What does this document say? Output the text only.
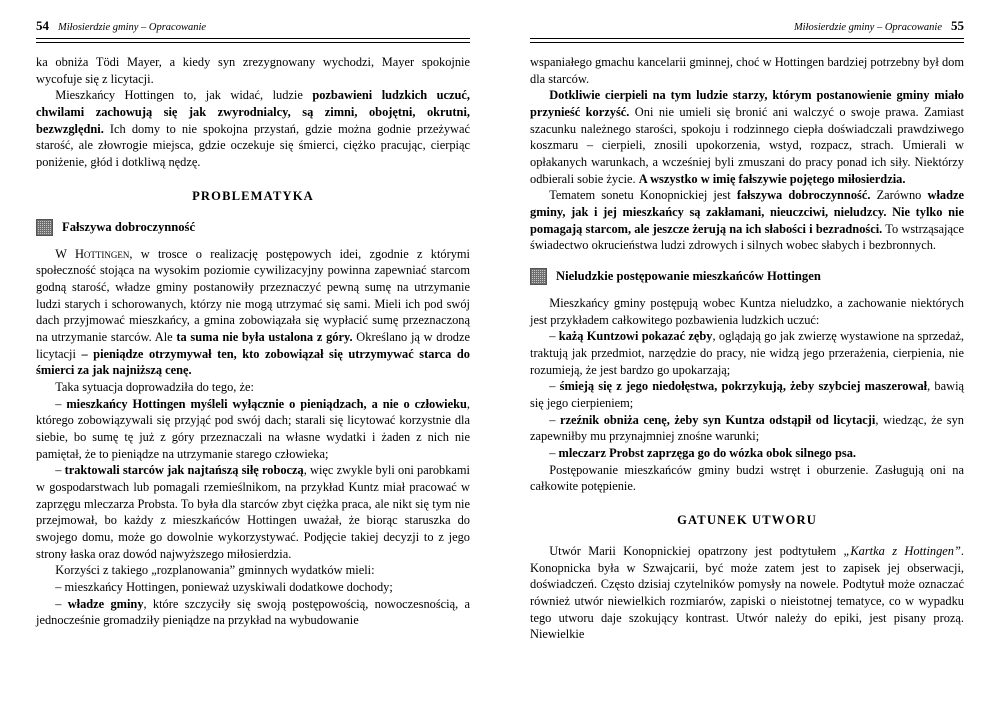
54 Miłosierdzie gminy – Opracowanie

ka obniża Tödi Mayer, a kiedy syn zrezygnowany wychodzi, Mayer spokojnie wycofuje się z licytacji.

Mieszkańcy Hottingen to, jak widać, ludzie pozbawieni ludzkich uczuć, chwilami zachowują się jak zwyrodnialcy, są zimni, obojętni, okrutni, bezwzględni. Ich domy to nie spokojna przystań, gdzie można godnie przeżywać starość, ale złowrogie miejsca, gdzie oczekuje się śmierci, ciężko pracując, cierpiąc poniżenie, głód i dotkliwą nędzę.

PROBLEMATYKA
Fałszywa dobroczynność

W Hottingen, w trosce o realizację postępowych idei, zgodnie z którymi społeczność stojąca na wysokim poziomie cywilizacyjny powinna zapewniać starcom godną starość, władze gminy postanowiły przeznaczyć pewną sumę na utrzymanie ludzi starych i schorowanych, którzy nie mogą utrzymać się sami. Mieli ich pod swój dach przyjmować mieszkańcy, a gmina zobowiązała się wypłacić sumę przeznaczoną na utrzymanie starców. Ale ta suma nie była ustalona z góry. Określano ją w drodze licytacji – pieniądze otrzymywał ten, kto zobowiązał się utrzymywać starca do śmierci za jak najniższą cenę.

Taka sytuacja doprowadziła do tego, że:

– mieszkańcy Hottingen myśleli wyłącznie o pieniądzach, a nie o człowieku, którego zobowiązywali się przyjąć pod swój dach; starali się licytować korzystnie dla siebie, bo sumę tę już z góry przeznaczali na własne wydatki i żaden z nich nie pamiętał, że to pieniądze na utrzymanie starego człowieka;

– traktowali starców jak najtańszą siłę roboczą, więc zwykle byli oni parobkami w gospodarstwach lub pomagali rzemieślnikom, na przykład Kuntz miał pracować w zaprzęgu mleczarza Probsta. To była dla starców zbyt ciężka praca, ale nikt się tym nie przejmował, bo każdy z mieszkańców Hottingen uważał, że biorąc staruszka do swojego domu, może go dowolnie wykorzystywać. Podjęcie takiej decyzji to z jego strony łaska oraz dowód najwyższego miłosierdzia.

Korzyści z takiego „rozplanowania” gminnych wydatków mieli:

– mieszkańcy Hottingen, ponieważ uzyskiwali dodatkowe dochody;

– władze gminy, które szczyciły się swoją postępowością, nowoczesnością, a jednocześnie gromadziły pieniądze na przykład na wybudowanie

Miłosierdzie gminy – Opracowanie 55

wspaniałego gmachu kancelarii gminnej, choć w Hottingen bardziej potrzebny był dom dla starców.

Dotkliwie cierpieli na tym ludzie starzy, którym postanowienie gminy miało przynieść korzyść. Oni nie umieli się bronić ani walczyć o swoje prawa. Zamiast szacunku należnego starości, spokoju i rodzinnego ciepła doświadczali prawdziwego koszmaru – cierpieli, znosili upokorzenia, wstyd, rozpacz, strach. Umierali w opłakanych warunkach, a wcześniej byli zmuszani do pracy ponad ich siły. Niektórzy odbierali sobie życie. A wszystko w imię fałszywie pojętego miłosierdzia.

Tematem sonetu Konopnickiej jest fałszywa dobroczynność. Zarówno władze gminy, jak i jej mieszkańcy są zakłamani, nieuczciwi, nieludzcy. Nie tylko nie pomagają starcom, ale jeszcze żerują na ich słabości i bezradności. To wstrząsające świadectwo okrucieństwa ludzi zdrowych i silnych wobec słabych i bezbronnych.

Nieludzkie postępowanie mieszkańców Hottingen

Mieszkańcy gminy postępują wobec Kuntza nieludzko, a zachowanie niektórych jest przykładem całkowitego pozbawienia ludzkich uczuć:

– każą Kuntzowi pokazać zęby, oglądają go jak zwierzę wystawione na sprzedaż, traktują jak przedmiot, narzędzie do pracy, nie widzą jego przerażenia, cierpienia, nie rozumieją, że jest bardzo go upokarzają;

– śmieją się z jego niedołęstwa, pokrzykują, żeby szybciej maszerował, bawią się jego cierpieniem;

– rzeźnik obniża cenę, żeby syn Kuntza odstąpił od licytacji, wiedząc, że syn zapewniłby mu przynajmniej znośne warunki;

– mleczarz Probst zaprzęga go do wózka obok silnego psa.

Postępowanie mieszkańców gminy budzi wstręt i oburzenie. Zasługują oni na całkowite potępienie.

GATUNEK UTWORU

Utwór Marii Konopnickiej opatrzony jest podtytułem „Kartka z Hottingen”. Konopnicka była w Szwajcarii, być może zatem jest to zapisek jej obserwacji, doświadczeń. Często dzisiaj czytelników pomysły na nowele. Podtytuł może oznaczać również utwór niewielkich rozmiarów, zapiski o nieistotnej tematyce, co w wypadku tego utworu daje szokujący kontrast. Utwór należy do epiki, jest pisany prozą. Niewielkie
